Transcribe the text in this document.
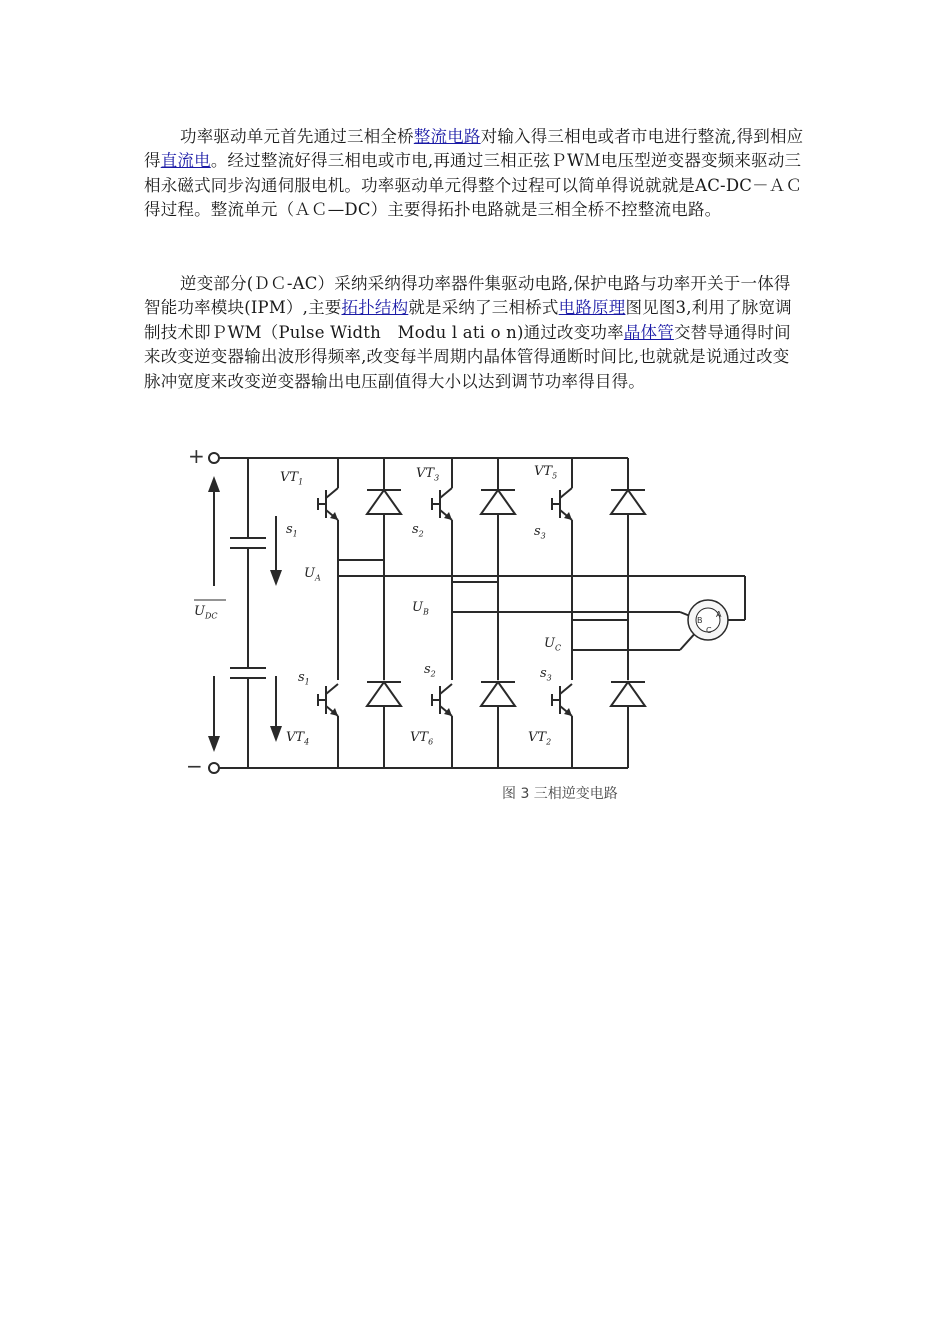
功率驱动单元首先通过三相全桥整流电路对输入得三相电或者市电进行整流,得到相应得直流电。经过整流好得三相电或市电,再通过三相正弦ＰWＭ电压型逆变器变频来驱动三相永磁式同步沟通伺服电机。功率驱动单元得整个过程可以简单得说就就是AC-DC－ＡＣ得过程。整流单元（ＡＣ—DC）主要得拓扑电路就是三相全桥不控整流电路。

逆变部分(ＤＣ-AC）采纳采纳得功率器件集驱动电路,保护电路与功率开关于一体得智能功率模块(IPM）,主要拓扑结构就是采纳了三相桥式电路原理图见图3,利用了脉宽调制技术即ＰWM（Pulse Width　Modu l ati o n)通过改变功率晶体管交替导通得时间来改变逆变器输出波形得频率,改变每半周期内晶体管得通断时间比,也就就是说通过改变脉冲宽度来改变逆变器输出电压副值得大小以达到调节功率得目得。

+
−
$U_{DC}$
$VT_1$
$VT_3$	$VT_5$
$VT_4$	$VT_6$	$VT_2$
$s_1$	$s_2$	$s_3$
$s_1$
$s_2$	$s_3$
$U_A$
$U_B$
$U_C$
A
B
C
图 3 三相逆变电路
